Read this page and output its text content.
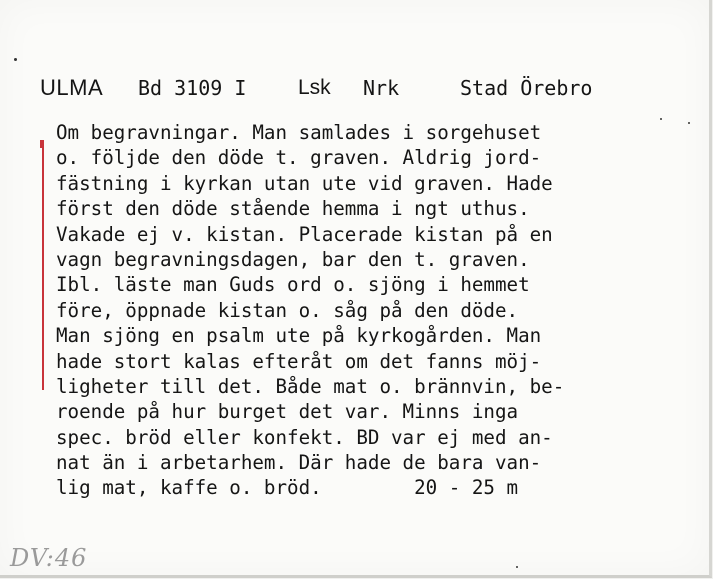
ULMA Bd 3109 I Lsk Nrk	Stad Örebro
Om begravningar. Man samlades i sorgehuset
o. följde den döde t. graven. Aldrig jord-
fästning i kyrkan utan ute vid graven. Hade
först den döde stående hemma i ngt uthus.
Vakade ej v. kistan. Placerade kistan på en
vagn begravningsdagen, bar den t. graven.
Ibl. läste man Guds ord o. sjöng i hemmet
före, öppnade kistan o. såg på den döde.
Man sjöng en psalm ute på kyrkogården. Man
hade stort kalas efteråt om det fanns möj-
ligheter till det. Både mat o. brännvin, be-
roende på hur burget det var. Minns inga
spec. bröd eller konfekt. BD var ej med an-
nat än i arbetarhem. Där hade de bara van-
lig mat, kaffe o. bröd.        20 - 25 m
DV:46
